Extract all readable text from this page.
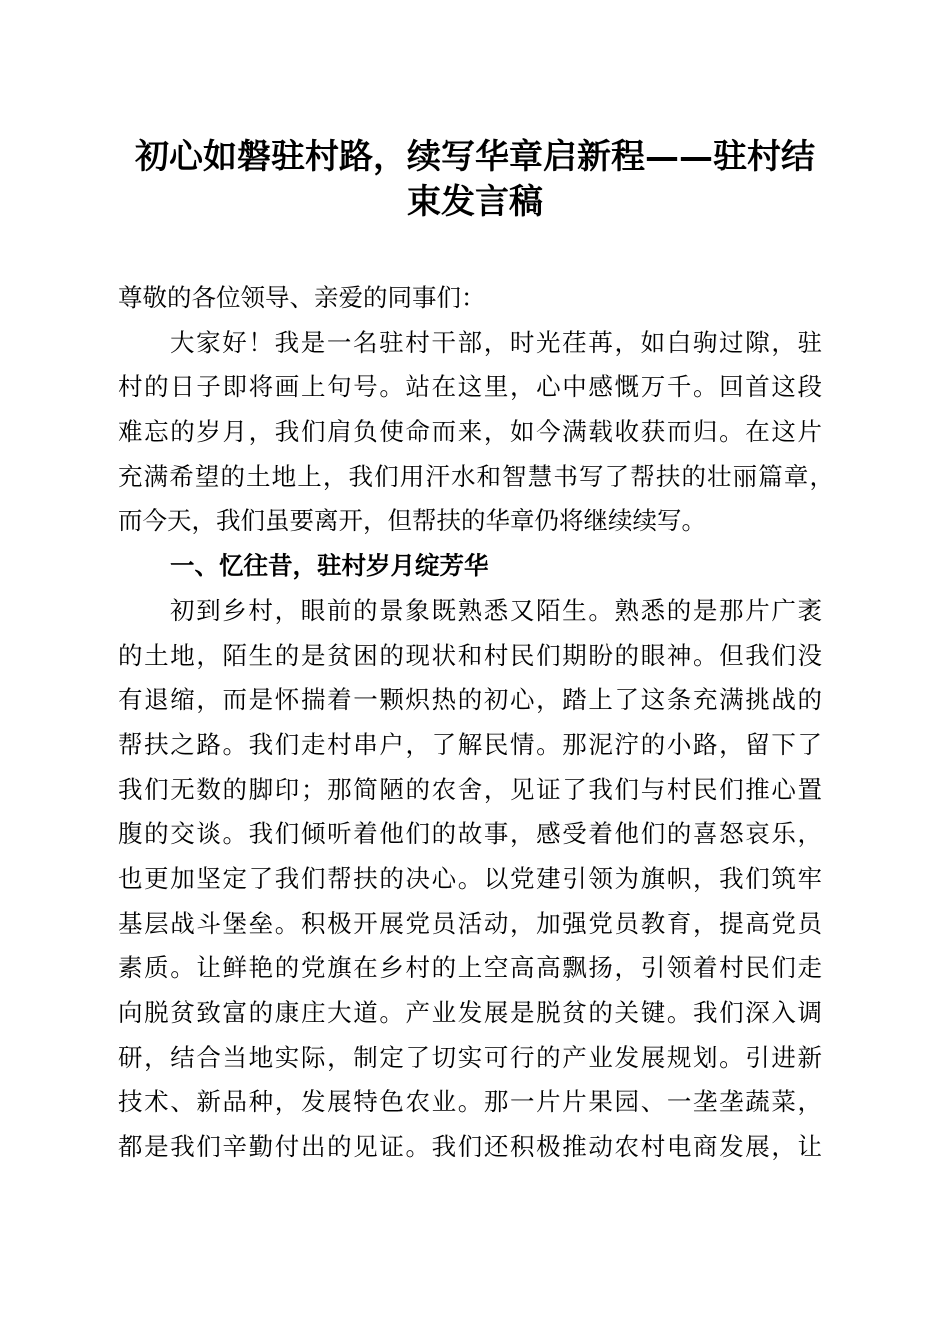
初心如磐驻村路，续写华章启新程——驻村结
束发言稿
尊敬的各位领导、亲爱的同事们：
大家好！我是一名驻村干部，时光荏苒，如白驹过隙，驻
村的日子即将画上句号。站在这里，心中感慨万千。回首这段
难忘的岁月，我们肩负使命而来，如今满载收获而归。在这片
充满希望的土地上，我们用汗水和智慧书写了帮扶的壮丽篇章，
而今天，我们虽要离开，但帮扶的华章仍将继续续写。
一、忆往昔，驻村岁月绽芳华
初到乡村，眼前的景象既熟悉又陌生。熟悉的是那片广袤
的土地，陌生的是贫困的现状和村民们期盼的眼神。但我们没
有退缩，而是怀揣着一颗炽热的初心，踏上了这条充满挑战的
帮扶之路。我们走村串户，了解民情。那泥泞的小路，留下了
我们无数的脚印；那简陋的农舍，见证了我们与村民们推心置
腹的交谈。我们倾听着他们的故事，感受着他们的喜怒哀乐，
也更加坚定了我们帮扶的决心。以党建引领为旗帜，我们筑牢
基层战斗堡垒。积极开展党员活动，加强党员教育，提高党员
素质。让鲜艳的党旗在乡村的上空高高飘扬，引领着村民们走
向脱贫致富的康庄大道。产业发展是脱贫的关键。我们深入调
研，结合当地实际，制定了切实可行的产业发展规划。引进新
技术、新品种，发展特色农业。那一片片果园、一垄垄蔬菜，
都是我们辛勤付出的见证。我们还积极推动农村电商发展，让
